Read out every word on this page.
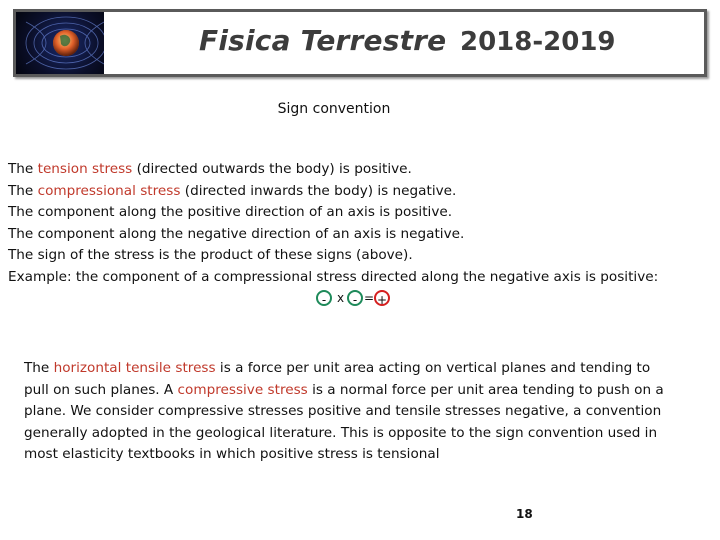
Fisica Terrestre 2018-2019
Sign convention
The tension stress (directed outwards the body) is positive.
The compressional stress (directed inwards the body) is negative.
The component along the positive direction of an axis is positive.
The component along the negative direction of an axis is negative.
The sign of the stress is the product of these signs (above).
Example: the component of a compressional stress directed along the negative axis is positive:
- x - = +
The horizontal tensile stress is a force per unit area acting on vertical planes and tending to
pull on such planes. A compressive stress is a normal force per unit area tending to push on a
plane. We consider compressive stresses positive and tensile stresses negative, a convention
generally adopted in the geological literature. This is opposite to the sign convention used in
most elasticity textbooks in which positive stress is tensional
18
